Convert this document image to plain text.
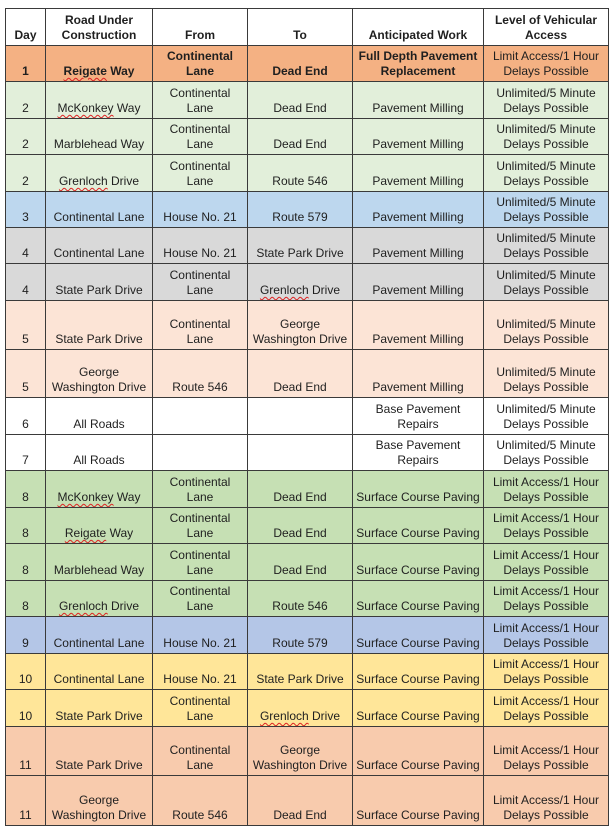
Day	Road Under Construction	From	To	Anticipated Work	Level of Vehicular Access
1	Reigate Way	Continental Lane	Dead End	Full Depth Pavement Replacement	Limit Access/1 Hour Delays Possible
2	McKonkey Way	Continental Lane	Dead End	Pavement Milling	Unlimited/5 Minute Delays Possible
2	Marblehead Way	Continental Lane	Dead End	Pavement Milling	Unlimited/5 Minute Delays Possible
2	Grenloch Drive	Continental Lane	Route 546	Pavement Milling	Unlimited/5 Minute Delays Possible
3	Continental Lane	House No. 21	Route 579	Pavement Milling	Unlimited/5 Minute Delays Possible
4	Continental Lane	House No. 21	State Park Drive	Pavement Milling	Unlimited/5 Minute Delays Possible
4	State Park Drive	Continental Lane	Grenloch Drive	Pavement Milling	Unlimited/5 Minute Delays Possible
5	State Park Drive	Continental Lane	George Washington Drive	Pavement Milling	Unlimited/5 Minute Delays Possible
5	George Washington Drive	Route 546	Dead End	Pavement Milling	Unlimited/5 Minute Delays Possible
6	All Roads			Base Pavement Repairs	Unlimited/5 Minute Delays Possible
7	All Roads			Base Pavement Repairs	Unlimited/5 Minute Delays Possible
8	McKonkey Way	Continental Lane	Dead End	Surface Course Paving	Limit Access/1 Hour Delays Possible
8	Reigate Way	Continental Lane	Dead End	Surface Course Paving	Limit Access/1 Hour Delays Possible
8	Marblehead Way	Continental Lane	Dead End	Surface Course Paving	Limit Access/1 Hour Delays Possible
8	Grenloch Drive	Continental Lane	Route 546	Surface Course Paving	Limit Access/1 Hour Delays Possible
9	Continental Lane	House No. 21	Route 579	Surface Course Paving	Limit Access/1 Hour Delays Possible
10	Continental Lane	House No. 21	State Park Drive	Surface Course Paving	Limit Access/1 Hour Delays Possible
10	State Park Drive	Continental Lane	Grenloch Drive	Surface Course Paving	Limit Access/1 Hour Delays Possible
11	State Park Drive	Continental Lane	George Washington Drive	Surface Course Paving	Limit Access/1 Hour Delays Possible
11	George Washington Drive	Route 546	Dead End	Surface Course Paving	Limit Access/1 Hour Delays Possible
